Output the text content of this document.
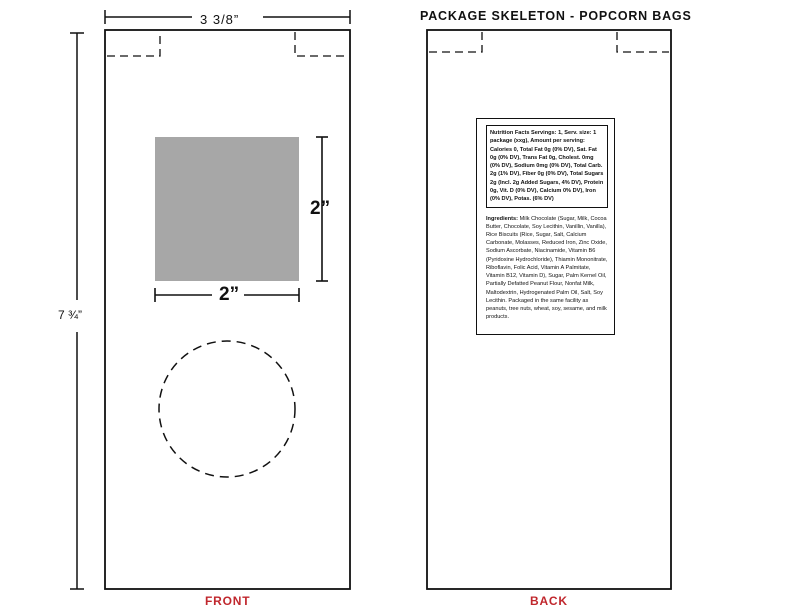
3 3/8”
7 ¾”
2”
2”
PACKAGE SKELETON - POPCORN BAGS
Nutrition Facts Servings: 1, Serv. size: 1 package (xxg), Amount per serving: Calories 0, Total Fat 0g (0% DV), Sat. Fat 0g (0% DV), Trans Fat 0g, Cholest. 0mg (0% DV), Sodium 0mg (0% DV), Total Carb. 2g (1% DV), Fiber 0g (0% DV), Total Sugars 2g (Incl. 2g Added Sugars, 4% DV), Protein 0g, Vit. D (0% DV), Calcium 0% DV), Iron (0% DV), Potas. (6% DV)
Ingredients: Milk Chocolate (Sugar, Milk, Cocoa Butter, Chocolate, Soy Lecithin, Vanillin, Vanilla), Rice Biscuits (Rice, Sugar, Salt, Calcium Carbonate, Molasses, Reduced Iron, Zinc Oxide, Sodium Ascorbate, Niacinamide, Vitamin B6 (Pyridoxine Hydrochloride), Thiamin Mononitrate, Riboflavin, Folic Acid, Vitamin A Palmitate, Vitamin B12, Vitamin D), Sugar, Palm Kernel Oil, Partially Defatted Peanut Flour, Nonfat Milk, Maltodextrin, Hydrogenated Palm Oil, Salt, Soy Lecithin. Packaged in the same facility as peanuts, tree nuts, wheat, soy, sesame, and milk products.
FRONT	BACK
